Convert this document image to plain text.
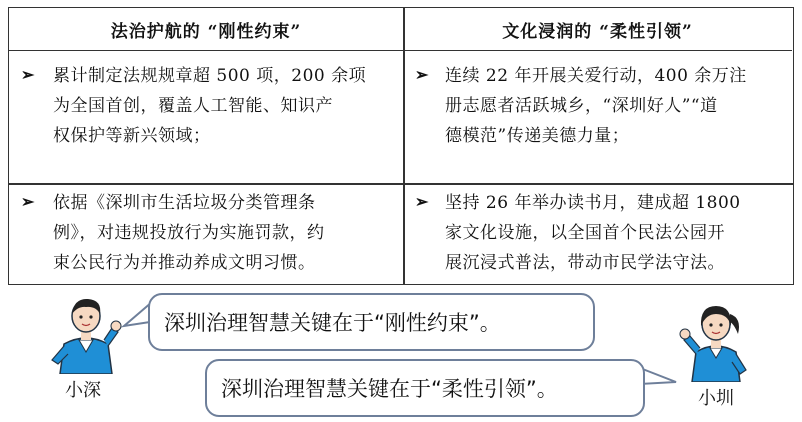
法治护航的 “刚性约束”	文化浸润的 “柔性引领”
➢ 累计制定法规规章超 500 项，200 余项
为全国首创，覆盖人工智能、知识产
权保护等新兴领域；
➢ 依据《深圳市生活垃圾分类管理条
例》，对违规投放行为实施罚款，约
束公民行为并推动养成文明习惯。
➢ 连续 22 年开展关爱行动，400 余万注
册志愿者活跃城乡，“深圳好人”“道
德模范”传递美德力量；
➢ 坚持 26 年举办读书月，建成超 1800
家文化设施，以全国首个民法公园开
展沉浸式普法，带动市民学法守法。
深圳治理智慧关键在于“刚性约束”。
深圳治理智慧关键在于“柔性引领”。
小深	小圳
